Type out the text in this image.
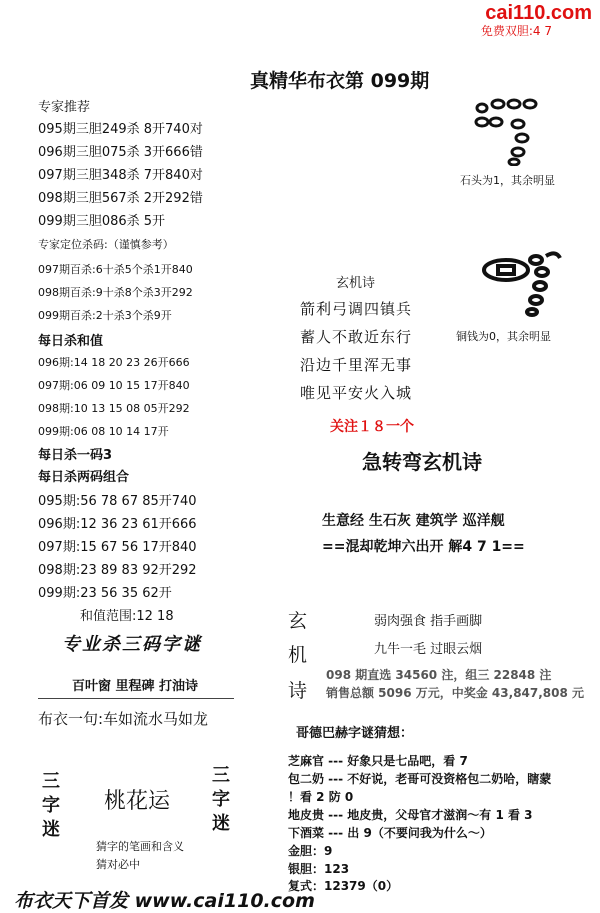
cai110.com
免费双胆:4 7
真精华布衣第 099期
专家推荐
095期三胆249杀 8开740对
096期三胆075杀 3开666错
097期三胆348杀 7开840对
098期三胆567杀 2开292错
099期三胆086杀 5开
专家定位杀码:（谨慎参考）
097期百杀:6十杀5个杀1开840
098期百杀:9十杀8个杀3开292
099期百杀:2十杀3个杀9开
每日杀和值
096期:14 18 20 23 26开666
097期:06 09 10 15 17开840
098期:10 13 15 08 05开292
099期:06 08 10 14 17开
每日杀一码3
每日杀两码组合
095期:56 78 67 85开740
096期:12 36 23 61开666
097期:15 67 56 17开840
098期:23 89 83 92开292
099期:23 56 35 62开
和值范围:12 18
专业杀三码字谜
百叶窗 里程碑 打油诗
布衣一句:车如流水马如龙
三字迷
桃花运
三字迷
猜字的笔画和含义
猜对必中
石头为1，其余明显
铜钱为0，其余明显
玄机诗
箭利弓调四镇兵
蓄人不敢近东行
沿边千里浑无事
唯见平安火入城
关注１８一个
急转弯玄机诗
生意经 生石灰 建筑学 巡洋舰
==混却乾坤六出开 解4 7 1==
玄
机
诗
弱肉强食 指手画脚
九牛一毛 过眼云烟
098 期直选 34560 注，组三 22848 注
销售总额 5096 万元，中奖金 43,847,808 元
哥德巴赫字谜猜想：
芝麻官 --- 好象只是七品吧，看 7
包二奶 --- 不好说，老哥可没资格包二奶哈，瞎蒙
！看 2 防 0
地皮贵 --- 地皮贵，父母官才滋润～有 1 看 3
下酒菜 --- 出 9（不要问我为什么～）
金胆：9
银胆：123
复式：12379（0）
布衣天下首发 www.cai110.com
